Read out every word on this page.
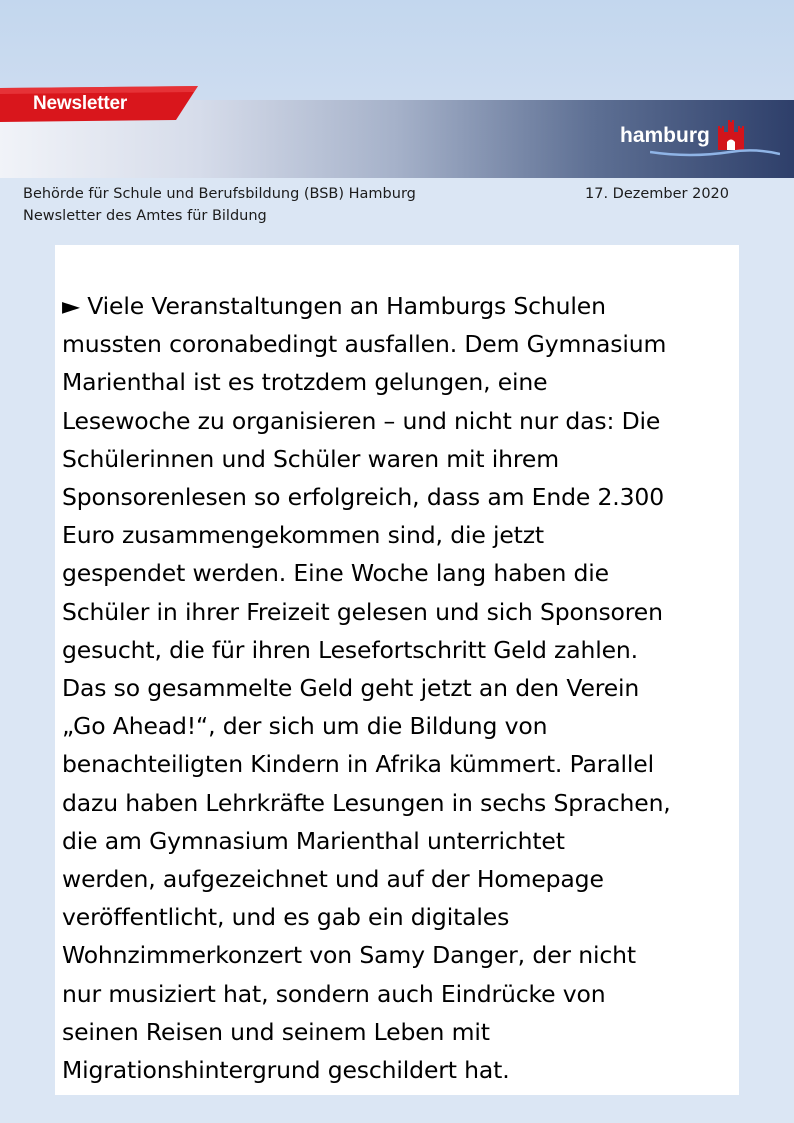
Newsletter
hamburg
Behörde für Schule und Berufsbildung (BSB) Hamburg
Newsletter des Amtes für Bildung
17. Dezember 2020
► Viele Veranstaltungen an Hamburgs Schulen
mussten coronabedingt ausfallen. Dem Gymnasium
Marienthal ist es trotzdem gelungen, eine
Lesewoche zu organisieren – und nicht nur das: Die
Schülerinnen und Schüler waren mit ihrem
Sponsorenlesen so erfolgreich, dass am Ende 2.300
Euro zusammengekommen sind, die jetzt
gespendet werden. Eine Woche lang haben die
Schüler in ihrer Freizeit gelesen und sich Sponsoren
gesucht, die für ihren Lesefortschritt Geld zahlen.
Das so gesammelte Geld geht jetzt an den Verein
„Go Ahead!“, der sich um die Bildung von
benachteiligten Kindern in Afrika kümmert. Parallel
dazu haben Lehrkräfte Lesungen in sechs Sprachen,
die am Gymnasium Marienthal unterrichtet
werden, aufgezeichnet und auf der Homepage
veröffentlicht, und es gab ein digitales
Wohnzimmerkonzert von Samy Danger, der nicht
nur musiziert hat, sondern auch Eindrücke von
seinen Reisen und seinem Leben mit
Migrationshintergrund geschildert hat.
